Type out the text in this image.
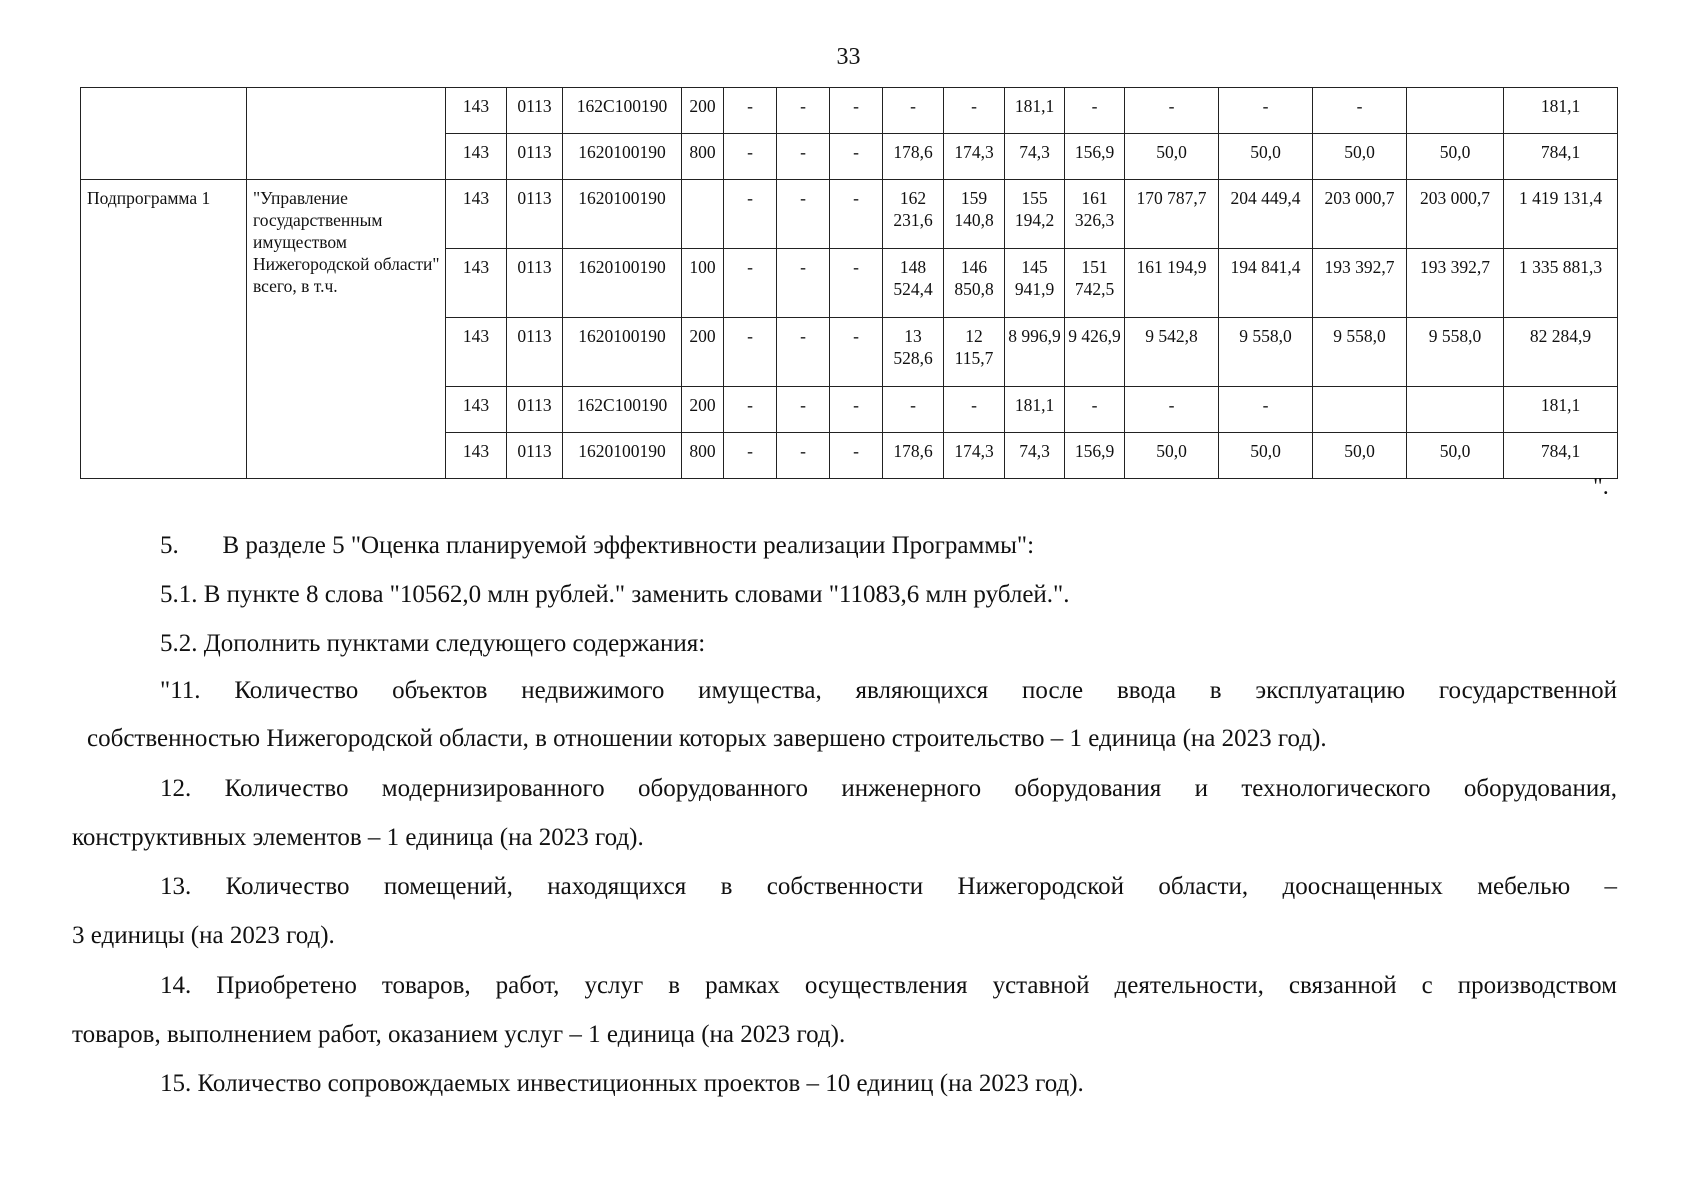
33
		143	0113	162C100190	200	-	-	-	-	-	181,1	-	-	-	-		181,1
		143	0113	1620100190	800	-	-	-	178,6	174,3	74,3	156,9	50,0	50,0	50,0	50,0	784,1
Подпрограмма 1	"Управление государственным имуществом Нижегородской области" всего, в т.ч.	143	0113	1620100190		-	-	-	162 231,6	159 140,8	155 194,2	161 326,3	170 787,7	204 449,4	203 000,7	203 000,7	1 419 131,4
		143	0113	1620100190	100	-	-	-	148 524,4	146 850,8	145 941,9	151 742,5	161 194,9	194 841,4	193 392,7	193 392,7	1 335 881,3
		143	0113	1620100190	200	-	-	-	13 528,6	12 115,7	8 996,9	9 426,9	9 542,8	9 558,0	9 558,0	9 558,0	82 284,9
		143	0113	162C100190	200	-	-	-	-	-	181,1	-	-	-			181,1
		143	0113	1620100190	800	-	-	-	178,6	174,3	74,3	156,9	50,0	50,0	50,0	50,0	784,1
".
5.       В разделе 5 "Оценка планируемой эффективности реализации Программы":
5.1. В пункте 8 слова "10562,0 млн рублей." заменить словами "11083,6 млн рублей.".
5.2. Дополнить пунктами следующего содержания:
"11. Количество объектов недвижимого имущества, являющихся после ввода в эксплуатацию государственной
собственностью Нижегородской области, в отношении которых завершено строительство – 1 единица (на 2023 год).
12. Количество модернизированного оборудованного инженерного оборудования и технологического оборудования,
конструктивных элементов – 1 единица (на 2023 год).
13. Количество помещений, находящихся в собственности Нижегородской области, дооснащенных мебелью –
3 единицы (на 2023 год).
14. Приобретено товаров, работ, услуг в рамках осуществления уставной деятельности, связанной с производством
товаров, выполнением работ, оказанием услуг – 1 единица (на 2023 год).
15. Количество сопровождаемых инвестиционных проектов – 10 единиц (на 2023 год).
